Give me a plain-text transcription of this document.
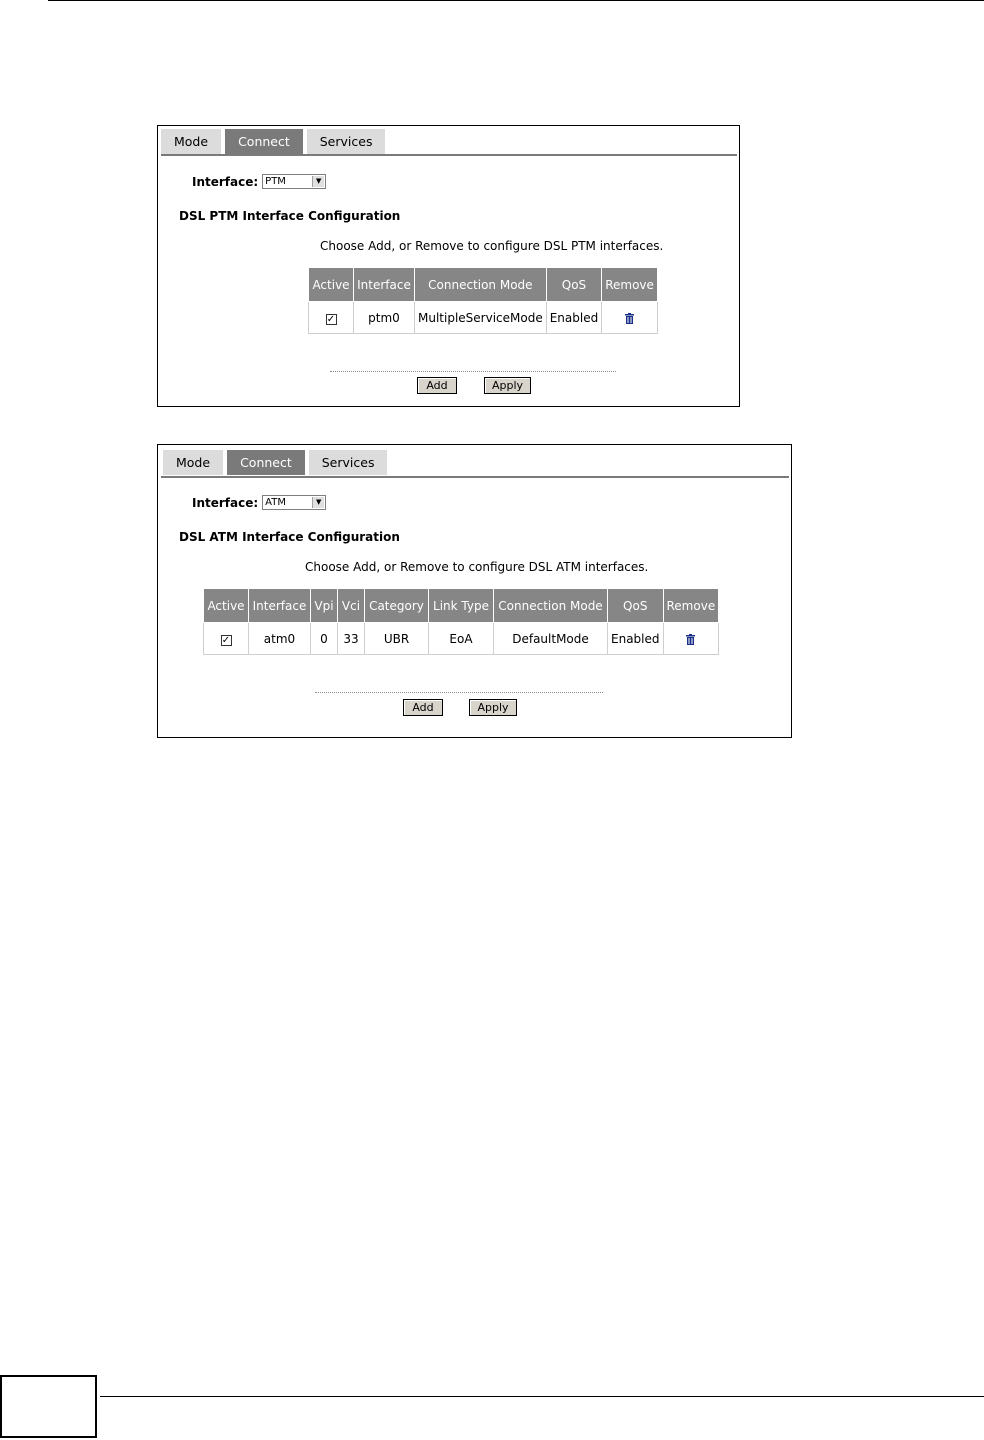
Mode	Connect	Services
Interface: PTM	▼
DSL PTM Interface Configuration
Choose Add, or Remove to configure DSL PTM interfaces.
Active	Interface	Connection Mode	QoS	Remove
✓	ptm0	MultipleServiceMode	Enabled	
Add	Apply
Mode	Connect	Services
Interface: ATM	▼
DSL ATM Interface Configuration
Choose Add, or Remove to configure DSL ATM interfaces.
Active	Interface	Vpi	Vci	Category	Link Type	Connection Mode	QoS	Remove
✓	atm0	0	33	UBR	EoA	DefaultMode	Enabled	
Add	Apply
